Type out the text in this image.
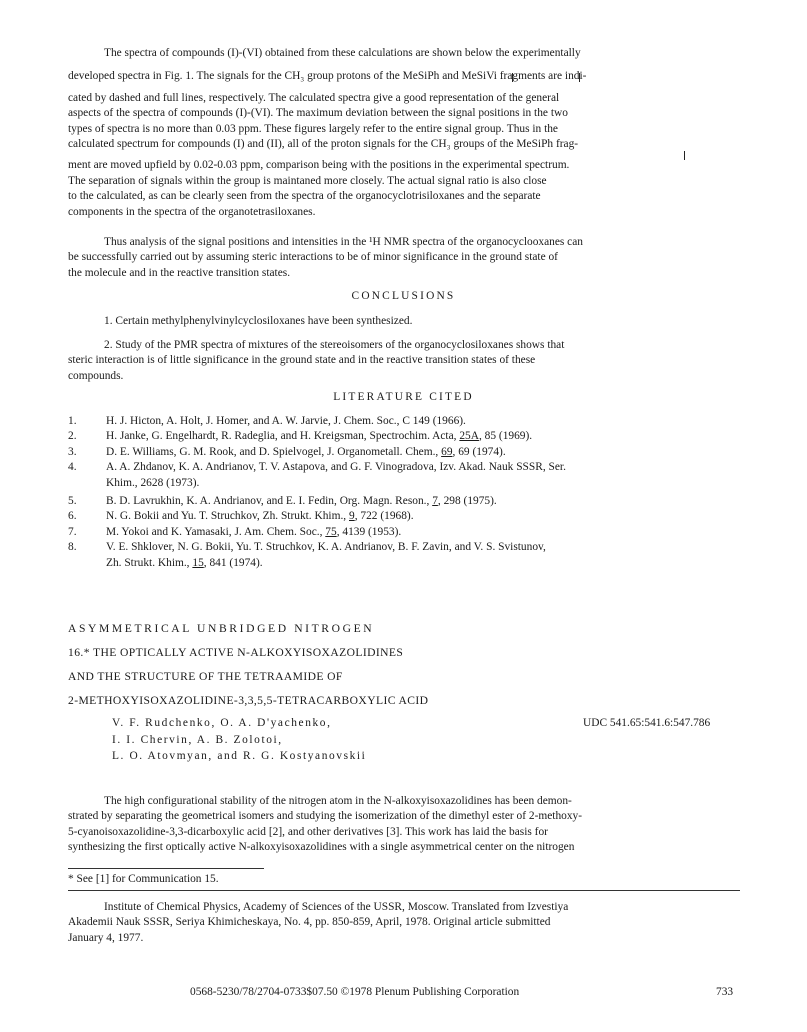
The spectra of compounds (I)-(VI) obtained from these calculations are shown below the experimentally
developed spectra in Fig. 1. The signals for the CH₃ group protons of the MeSiPh and MeSiVi fragments are indi-
cated by dashed and full lines, respectively. The calculated spectra give a good representation of the general
aspects of the spectra of compounds (I)-(VI). The maximum deviation between the signal positions in the two
types of spectra is no more than 0.03 ppm. These figures largely refer to the entire signal group. Thus in the
calculated spectrum for compounds (I) and (II), all of the proton signals for the CH₃ groups of the MeSiPh frag-
ment are moved upfield by 0.02-0.03 ppm, comparison being with the positions in the experimental spectrum.
The separation of signals within the group is maintaned more closely. The actual signal ratio is also close
to the calculated, as can be clearly seen from the spectra of the organocyclotrisiloxanes and the separate
components in the spectra of the organotetrasiloxanes.
Thus analysis of the signal positions and intensities in the ¹H NMR spectra of the organocyclooxanes can
be successfully carried out by assuming steric interactions to be of minor significance in the ground state of
the molecule and in the reactive transition states.
CONCLUSIONS
1. Certain methylphenylvinylcyclosiloxanes have been synthesized.
2. Study of the PMR spectra of mixtures of the stereoisomers of the organocyclosiloxanes shows that
steric interaction is of little significance in the ground state and in the reactive transition states of these
compounds.
LITERATURE CITED
1.	H. J. Hicton, A. Holt, J. Homer, and A. W. Jarvie, J. Chem. Soc., C 149 (1966).
2.	H. Janke, G. Engelhardt, R. Radeglia, and H. Kreigsman, Spectrochim. Acta, 25A, 85 (1969).
3.	D. E. Williams, G. M. Rook, and D. Spielvogel, J. Organometall. Chem., 69, 69 (1974).
4.	A. A. Zhdanov, K. A. Andrianov, T. V. Astapova, and G. F. Vinogradova, Izv. Akad. Nauk SSSR, Ser.
Khim., 2628 (1973).
5.	B. D. Lavrukhin, K. A. Andrianov, and E. I. Fedin, Org. Magn. Reson., 7, 298 (1975).
6.	N. G. Bokii and Yu. T. Struchkov, Zh. Strukt. Khim., 9, 722 (1968).
7.	M. Yokoi and K. Yamasaki, J. Am. Chem. Soc., 75, 4139 (1953).
8.	V. E. Shklover, N. G. Bokii, Yu. T. Struchkov, K. A. Andrianov, B. F. Zavin, and V. S. Svistunov,
Zh. Strukt. Khim., 15, 841 (1974).
ASYMMETRICAL UNBRIDGED NITROGEN
16.* THE OPTICALLY ACTIVE N-ALKOXYISOXAZOLIDINES
AND THE STRUCTURE OF THE TETRAAMIDE OF
2-METHOXYISOXAZOLIDINE-3,3,5,5-TETRACARBOXYLIC ACID
V. F. Rudchenko, O. A. D'yachenko,
I. I. Chervin, A. B. Zolotoi,
L. O. Atovmyan, and R. G. Kostyanovskii
UDC 541.65:541.6:547.786
The high configurational stability of the nitrogen atom in the N-alkoxyisoxazolidines has been demon-
strated by separating the geometrical isomers and studying the isomerization of the dimethyl ester of 2-methoxy-
5-cyanoisoxazolidine-3,3-dicarboxylic acid [2], and other derivatives [3]. This work has laid the basis for
synthesizing the first optically active N-alkoxyisoxazolidines with a single asymmetrical center on the nitrogen
* See [1] for Communication 15.
Institute of Chemical Physics, Academy of Sciences of the USSR, Moscow. Translated from Izvestiya
Akademii Nauk SSSR, Seriya Khimicheskaya, No. 4, pp. 850-859, April, 1978. Original article submitted
January 4, 1977.
0568-5230/78/2704-0733$07.50 ©1978 Plenum Publishing Corporation	733
